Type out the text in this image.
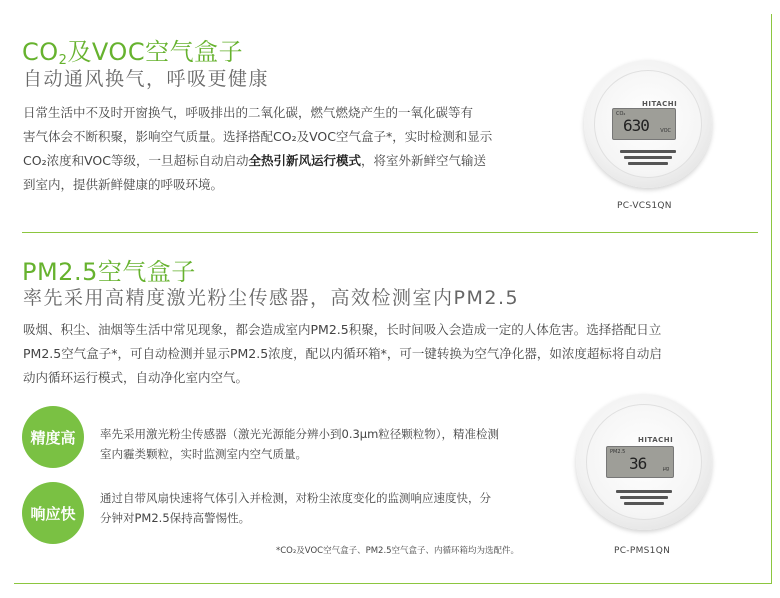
$CO_2$及VOC空气盒子
自动通风换气，呼吸更健康
日常生活中不及时开窗换气，呼吸排出的二氧化碳，燃气燃烧产生的一氧化碳等有
害气体会不断积聚，影响空气质量。选择搭配CO₂及VOC空气盒子*，实时检测和显示
CO₂浓度和VOC等级，一旦超标自动启动全热引新风运行模式，将室外新鲜空气输送
到室内，提供新鲜健康的呼吸环境。
HITACHI
CO₂
630 VOC
PC-VCS1QN
PM2.5空气盒子
率先采用高精度激光粉尘传感器，高效检测室内PM2.5
吸烟、积尘、油烟等生活中常见现象，都会造成室内PM2.5积聚，长时间吸入会造成一定的人体危害。选择搭配日立
PM2.5空气盒子*，可自动检测并显示PM2.5浓度，配以内循环箱*，可一键转换为空气净化器，如浓度超标将自动启
动内循环运行模式，自动净化室内空气。
精度高	率先采用激光粉尘传感器（激光光源能分辨小到0.3μm粒径颗粒物），精准检测
室内霾类颗粒，实时监测室内空气质量。
响应快
通过自带风扇快速将气体引入并检测，对粉尘浓度变化的监测响应速度快，分
分钟对PM2.5保持高警惕性。
*CO₂及VOC空气盒子、PM2.5空气盒子、内循环箱均为选配件。
HITACHI
PM2.5
36	μg
PC-PMS1QN
